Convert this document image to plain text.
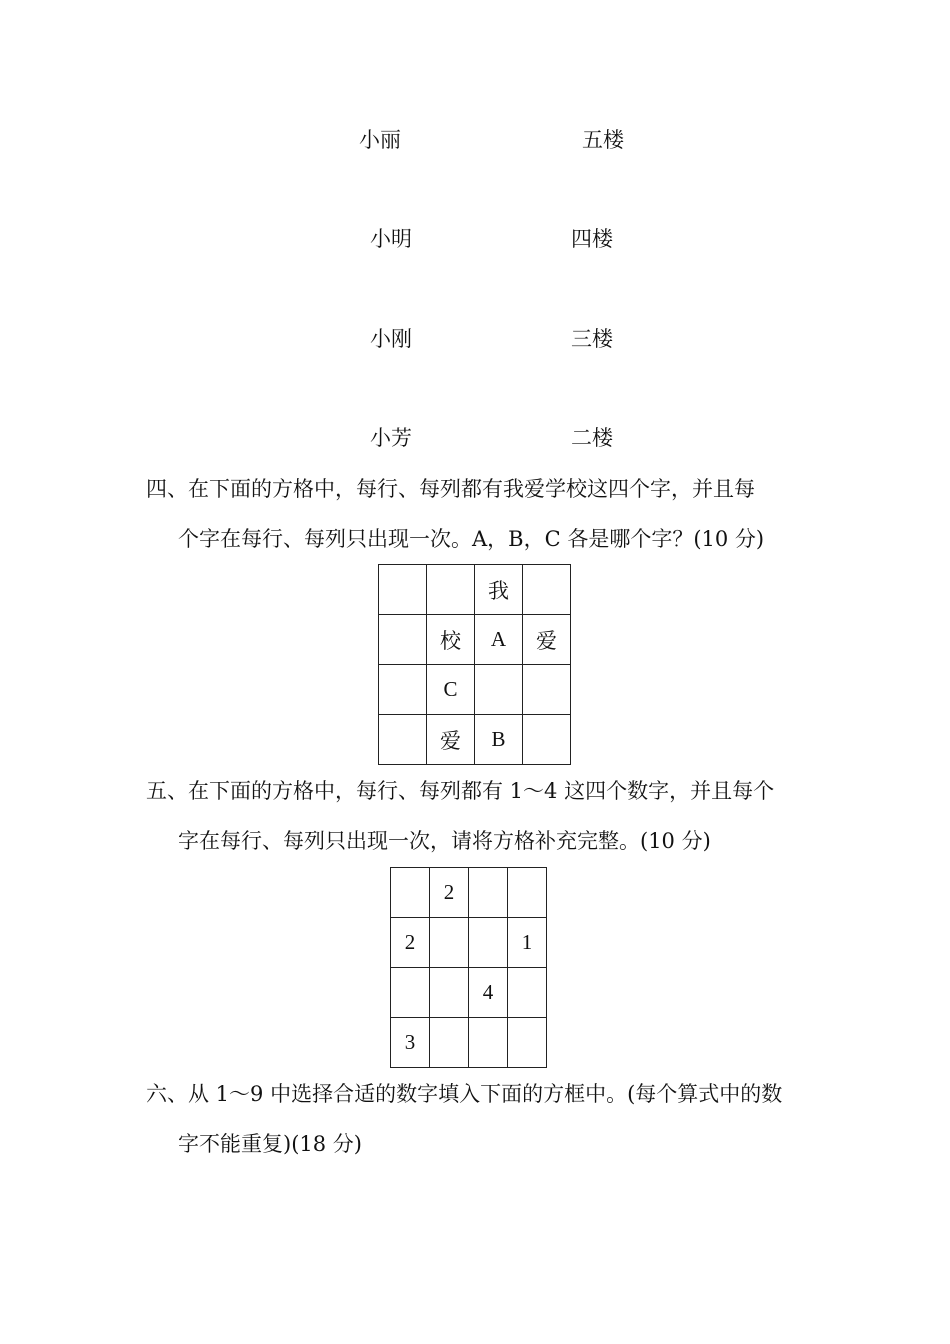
小丽	五楼
小明	四楼
小刚	三楼
小芳	二楼
四、在下面的方格中，每行、每列都有我爱学校这四个字，并且每
个字在每行、每列只出现一次。A，B，C 各是哪个字？(10 分)
		我	
	校	A	爱
	C		
	爱	B	
五、在下面的方格中，每行、每列都有 1～4 这四个数字，并且每个
字在每行、每列只出现一次，请将方格补充完整。(10 分)
	2		
2			1
		4	
3			
六、从 1～9 中选择合适的数字填入下面的方框中。(每个算式中的数
字不能重复)(18 分)
